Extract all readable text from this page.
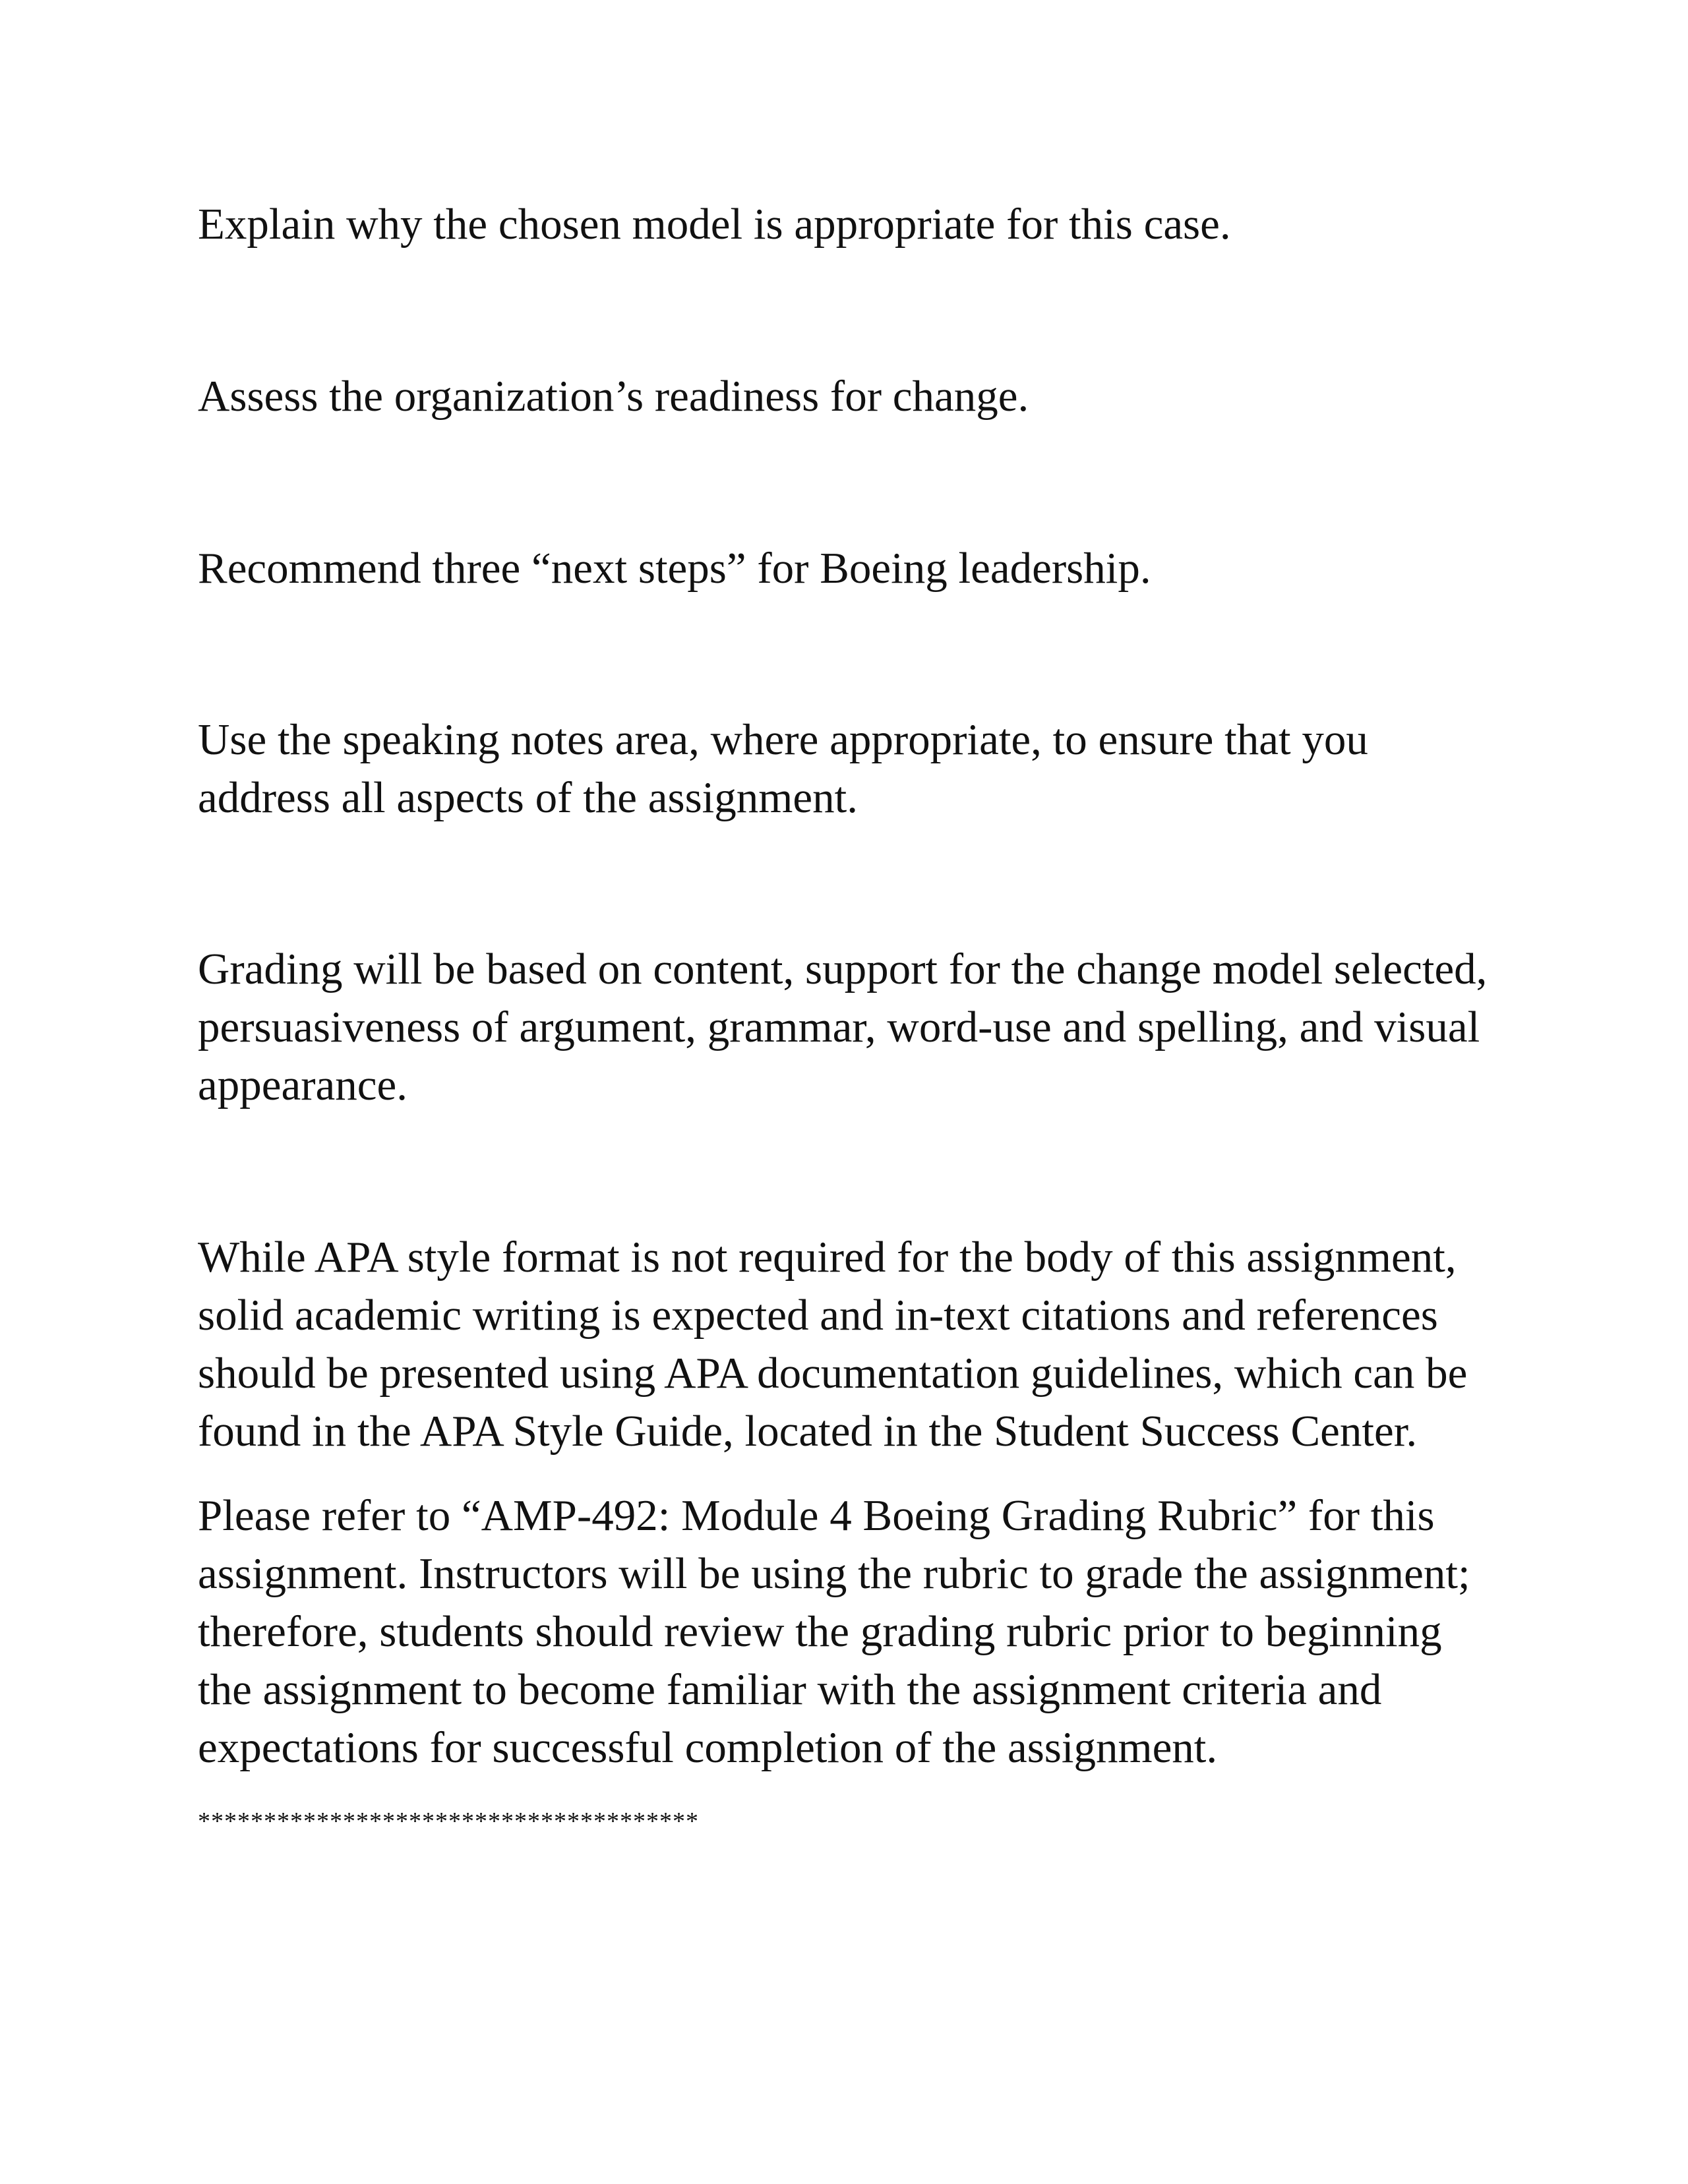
Explain why the chosen model is appropriate for this case.

Assess the organization’s readiness for change.

Recommend three “next steps” for Boeing leadership.

Use the speaking notes area, where appropriate, to ensure that you
address all aspects of the assignment.

Grading will be based on content, support for the change model selected,
persuasiveness of argument, grammar, word-use and spelling, and visual
appearance.

While APA style format is not required for the body of this assignment,
solid academic writing is expected and in-text citations and references
should be presented using APA documentation guidelines, which can be
found in the APA Style Guide, located in the Student Success Center.

Please refer to “AMP-492: Module 4 Boeing Grading Rubric” for this
assignment. Instructors will be using the rubric to grade the assignment;
therefore, students should review the grading rubric prior to beginning
the assignment to become familiar with the assignment criteria and
expectations for successful completion of the assignment.

**************************************
